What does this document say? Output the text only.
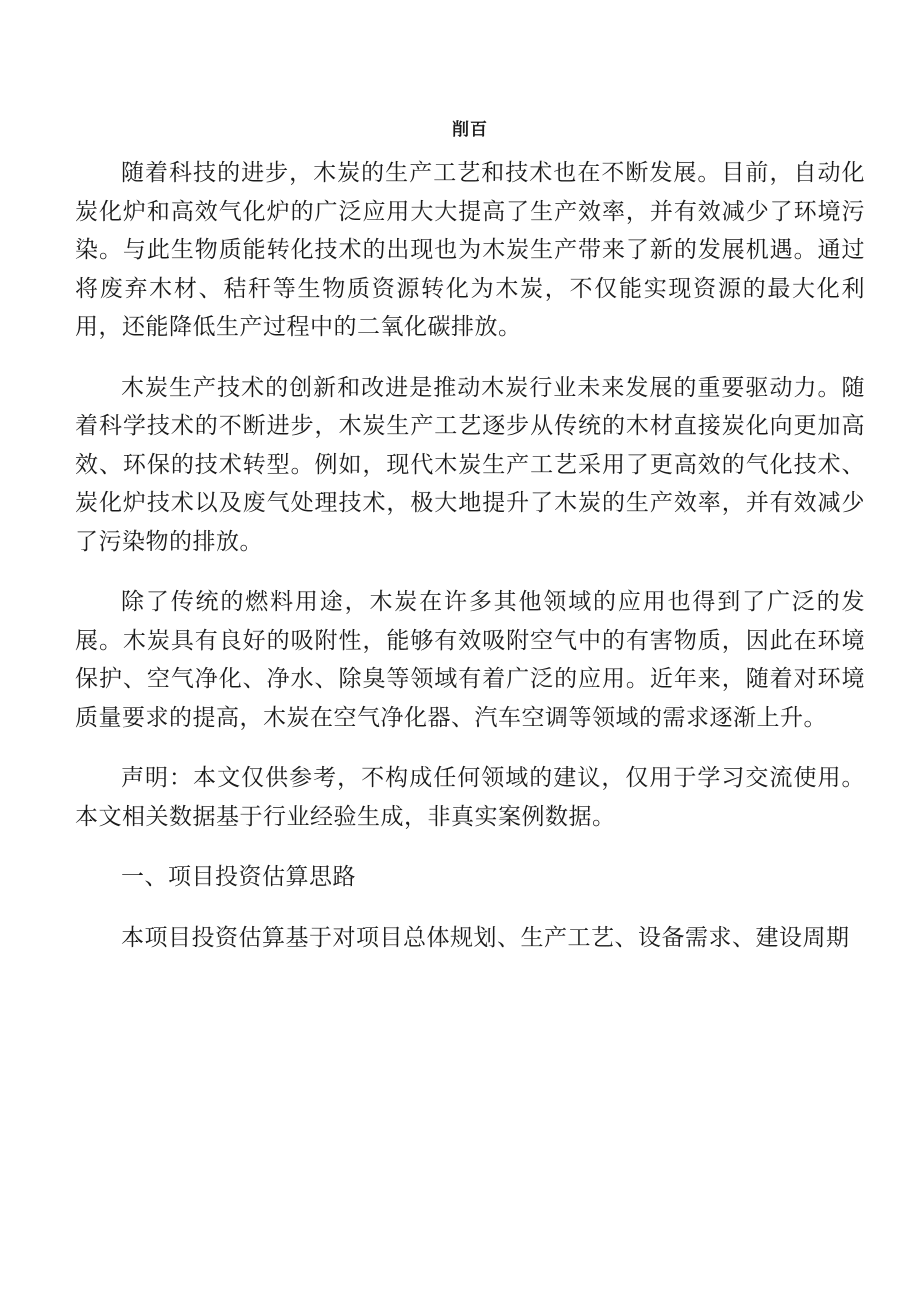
削百

随着科技的进步，木炭的生产工艺和技术也在不断发展。目前，自动化炭化炉和高效气化炉的广泛应用大大提高了生产效率，并有效减少了环境污染。与此生物质能转化技术的出现也为木炭生产带来了新的发展机遇。通过将废弃木材、秸秆等生物质资源转化为木炭，不仅能实现资源的最大化利用，还能降低生产过程中的二氧化碳排放。

木炭生产技术的创新和改进是推动木炭行业未来发展的重要驱动力。随着科学技术的不断进步，木炭生产工艺逐步从传统的木材直接炭化向更加高效、环保的技术转型。例如，现代木炭生产工艺采用了更高效的气化技术、炭化炉技术以及废气处理技术，极大地提升了木炭的生产效率，并有效减少了污染物的排放。

除了传统的燃料用途，木炭在许多其他领域的应用也得到了广泛的发展。木炭具有良好的吸附性，能够有效吸附空气中的有害物质，因此在环境保护、空气净化、净水、除臭等领域有着广泛的应用。近年来，随着对环境质量要求的提高，木炭在空气净化器、汽车空调等领域的需求逐渐上升。

声明：本文仅供参考，不构成任何领域的建议，仅用于学习交流使用。本文相关数据基于行业经验生成，非真实案例数据。

一、项目投资估算思路

本项目投资估算基于对项目总体规划、生产工艺、设备需求、建设周期
